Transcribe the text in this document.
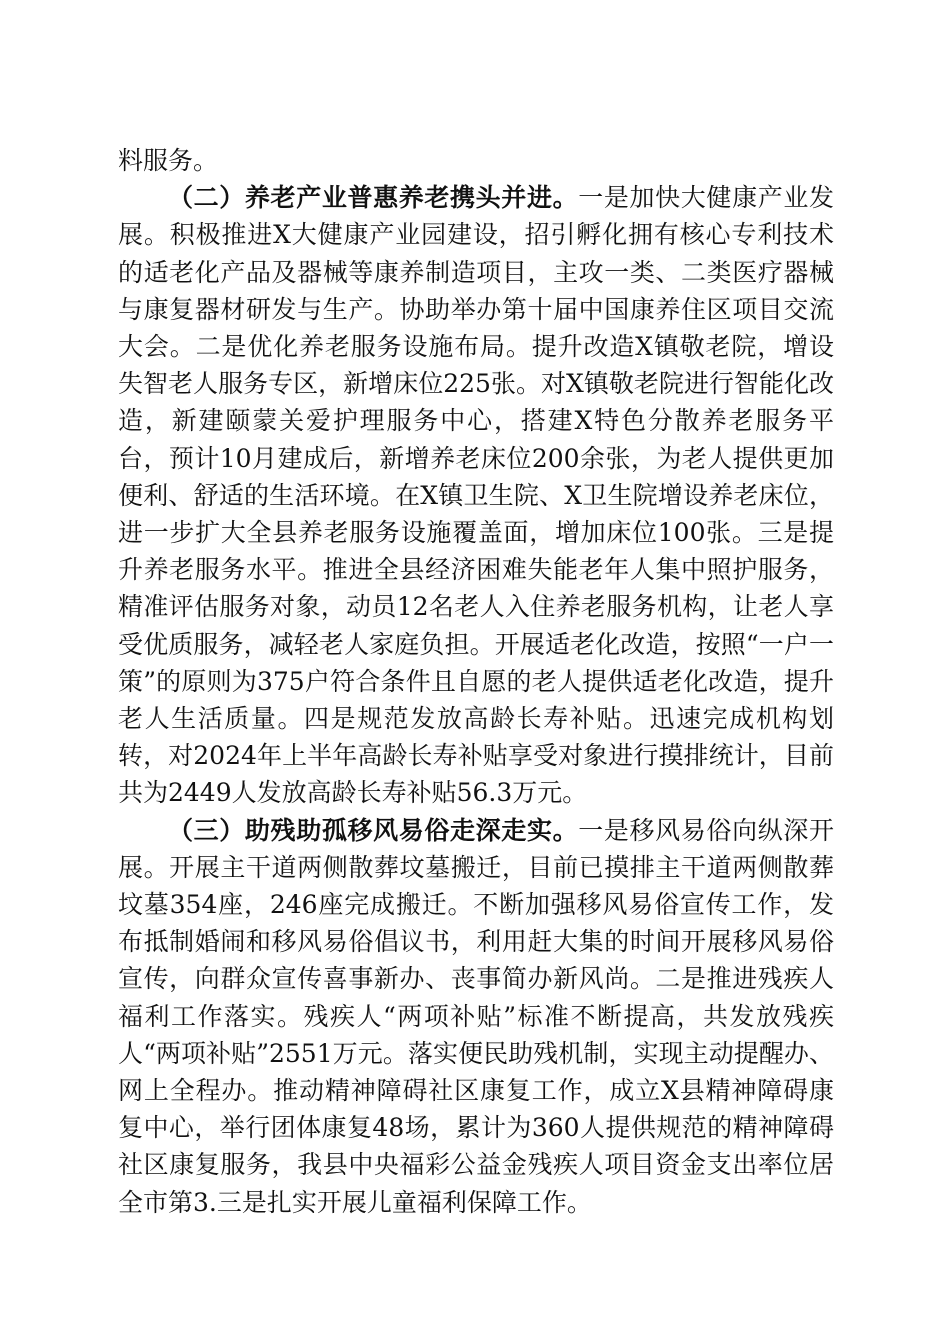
料服务。

（二）养老产业普惠养老携头并进。一是加快大健康产业发展。积极推进X大健康产业园建设，招引孵化拥有核心专利技术的适老化产品及器械等康养制造项目，主攻一类、二类医疗器械与康复器材研发与生产。协助举办第十届中国康养住区项目交流大会。二是优化养老服务设施布局。提升改造X镇敬老院，增设失智老人服务专区，新增床位225张。对X镇敬老院进行智能化改造，新建颐蒙关爱护理服务中心，搭建X特色分散养老服务平台，预计10月建成后，新增养老床位200余张，为老人提供更加便利、舒适的生活环境。在X镇卫生院、X卫生院增设养老床位，进一步扩大全县养老服务设施覆盖面，增加床位100张。三是提升养老服务水平。推进全县经济困难失能老年人集中照护服务，精准评估服务对象，动员12名老人入住养老服务机构，让老人享受优质服务，减轻老人家庭负担。开展适老化改造，按照“一户一策”的原则为375户符合条件且自愿的老人提供适老化改造，提升老人生活质量。四是规范发放高龄长寿补贴。迅速完成机构划转，对2024年上半年高龄长寿补贴享受对象进行摸排统计，目前共为2449人发放高龄长寿补贴56.3万元。

（三）助残助孤移风易俗走深走实。一是移风易俗向纵深开展。开展主干道两侧散葬坟墓搬迁，目前已摸排主干道两侧散葬坟墓354座，246座完成搬迁。不断加强移风易俗宣传工作，发布抵制婚闹和移风易俗倡议书，利用赶大集的时间开展移风易俗宣传，向群众宣传喜事新办、丧事简办新风尚。二是推进残疾人福利工作落实。残疾人“两项补贴”标准不断提高，共发放残疾人“两项补贴”2551万元。落实便民助残机制，实现主动提醒办、网上全程办。推动精神障碍社区康复工作，成立X县精神障碍康复中心，举行团体康复48场，累计为360人提供规范的精神障碍社区康复服务，我县中央福彩公益金残疾人项目资金支出率位居全市第3.三是扎实开展儿童福利保障工作。
